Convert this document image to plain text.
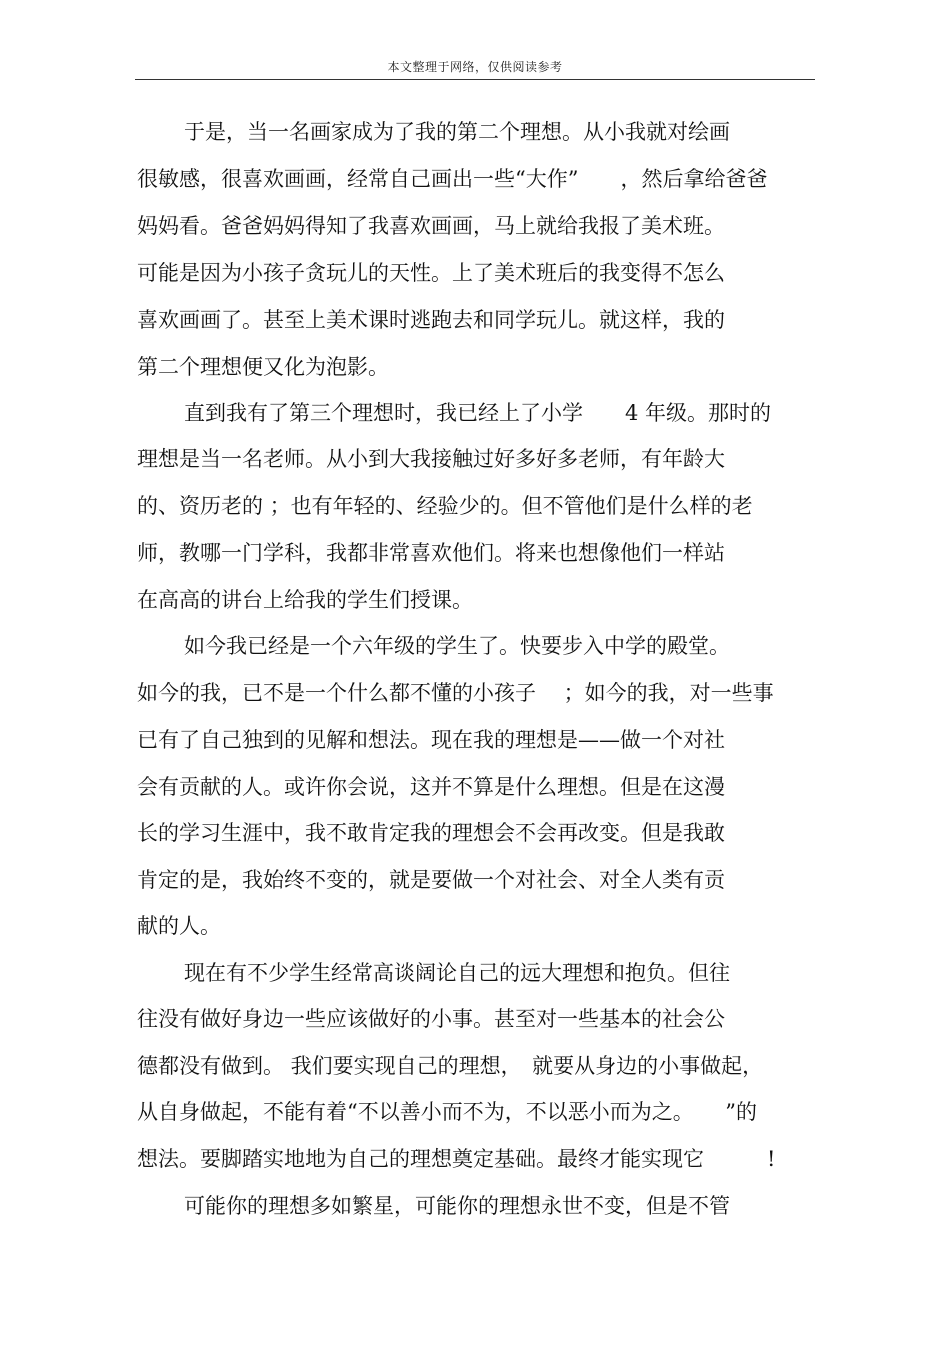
本文整理于网络，仅供阅读参考
于是，当一名画家成为了我的第二个理想。从小我就对绘画
很敏感，很喜欢画画，经常自己画出一些“大作”　　，然后拿给爸爸
妈妈看。爸爸妈妈得知了我喜欢画画，马上就给我报了美术班。
可能是因为小孩子贪玩儿的天性。上了美术班后的我变得不怎么
喜欢画画了。甚至上美术课时逃跑去和同学玩儿。就这样，我的
第二个理想便又化为泡影。
直到我有了第三个理想时，我已经上了小学　　4 年级。那时的
理想是当一名老师。从小到大我接触过好多好多老师，有年龄大
的、资历老的 ；也有年轻的、经验少的。但不管他们是什么样的老
师，教哪一门学科，我都非常喜欢他们。将来也想像他们一样站
在高高的讲台上给我的学生们授课。
如今我已经是一个六年级的学生了。快要步入中学的殿堂。
如今的我，已不是一个什么都不懂的小孩子　 ；如今的我，对一些事
已有了自己独到的见解和想法。现在我的理想是——做一个对社
会有贡献的人。或许你会说，这并不算是什么理想。但是在这漫
长的学习生涯中，我不敢肯定我的理想会不会再改变。但是我敢
肯定的是，我始终不变的，就是要做一个对社会、对全人类有贡
献的人。
现在有不少学生经常高谈阔论自己的远大理想和抱负。但往
往没有做好身边一些应该做好的小事。甚至对一些基本的社会公
德都没有做到。 我们要实现自己的理想，　就要从身边的小事做起，
从自身做起，不能有着“不以善小而不为，不以恶小而为之。　　”的
想法。要脚踏实地地为自己的理想奠定基础。最终才能实现它　　　!
可能你的理想多如繁星，可能你的理想永世不变，但是不管
